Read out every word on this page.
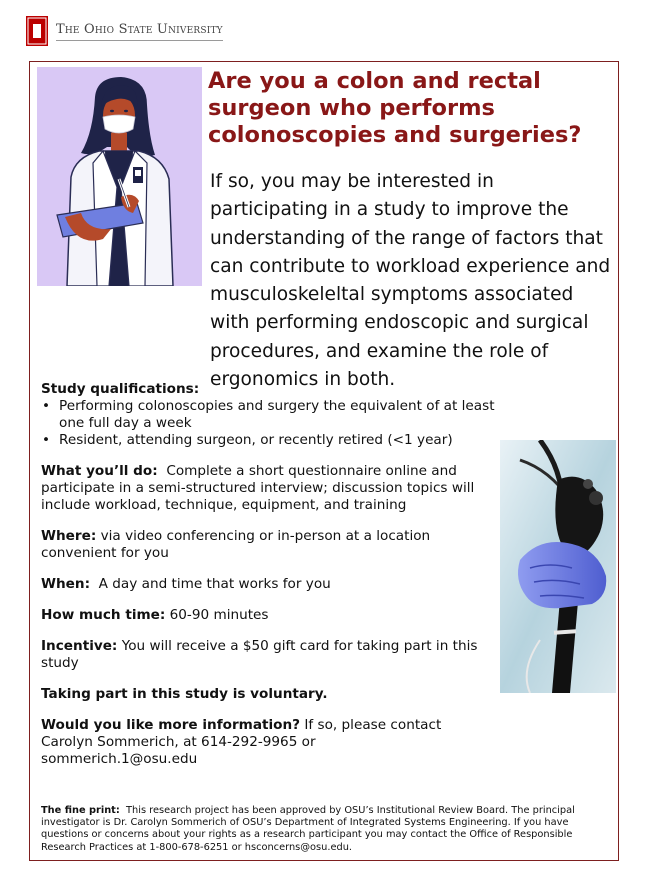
The Ohio State University
Are you a colon and rectal surgeon who performs colonoscopies and surgeries?

If so, you may be interested in participating in a study to improve the understanding of the range of factors that can contribute to workload experience and musculoskeleltal symptoms associated with performing endoscopic and surgical procedures, and examine the role of ergonomics in both.

Study qualifications:
• Performing colonoscopies and surgery the equivalent of at least one full day a week
• Resident, attending surgeon, or recently retired (<1 year)
What you’ll do: Complete a short questionnaire online and participate in a semi-structured interview; discussion topics will include workload, technique, equipment, and training
Where: via video conferencing or in-person at a location convenient for you
When: A day and time that works for you
How much time: 60-90 minutes
Incentive: You will receive a $50 gift card for taking part in this study
Taking part in this study is voluntary.
Would you like more information? If so, please contact Carolyn Sommerich, at 614-292-9965 or
sommerich.1@osu.edu
The fine print: This research project has been approved by OSU’s Institutional Review Board. The principal investigator is Dr. Carolyn Sommerich of OSU’s Department of Integrated Systems Engineering. If you have questions or concerns about your rights as a research participant you may contact the Office of Responsible Research Practices at 1-800-678-6251 or hsconcerns@osu.edu.
